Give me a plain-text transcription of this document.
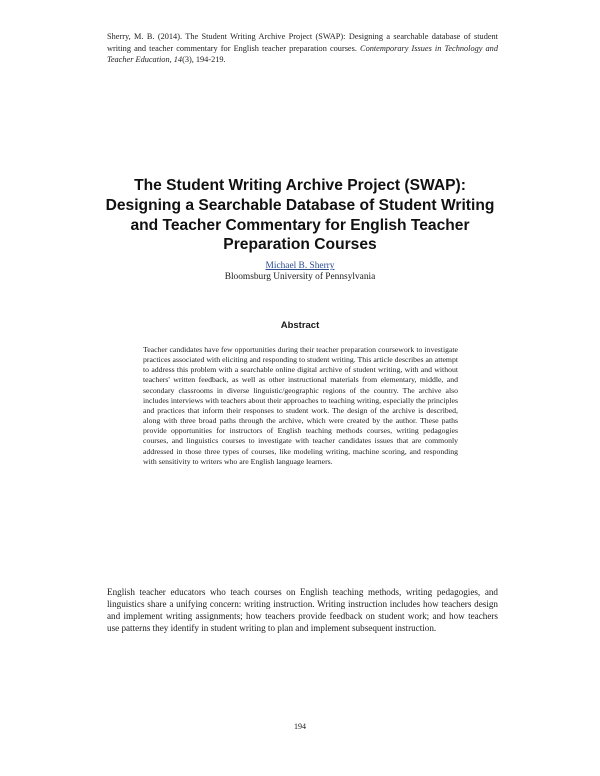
Sherry, M. B. (2014). The Student Writing Archive Project (SWAP): Designing a searchable database of student writing and teacher commentary for English teacher preparation courses. Contemporary Issues in Technology and Teacher Education, 14(3), 194-219.
The Student Writing Archive Project (SWAP): Designing a Searchable Database of Student Writing and Teacher Commentary for English Teacher Preparation Courses
Michael B. Sherry
Bloomsburg University of Pennsylvania
Abstract
Teacher candidates have few opportunities during their teacher preparation coursework to investigate practices associated with eliciting and responding to student writing. This article describes an attempt to address this problem with a searchable online digital archive of student writing, with and without teachers' written feedback, as well as other instructional materials from elementary, middle, and secondary classrooms in diverse linguistic/geographic regions of the country. The archive also includes interviews with teachers about their approaches to teaching writing, especially the principles and practices that inform their responses to student work. The design of the archive is described, along with three broad paths through the archive, which were created by the author. These paths provide opportunities for instructors of English teaching methods courses, writing pedagogies courses, and linguistics courses to investigate with teacher candidates issues that are commonly addressed in those three types of courses, like modeling writing, machine scoring, and responding with sensitivity to writers who are English language learners.
English teacher educators who teach courses on English teaching methods, writing pedagogies, and linguistics share a unifying concern: writing instruction. Writing instruction includes how teachers design and implement writing assignments; how teachers provide feedback on student work; and how teachers use patterns they identify in student writing to plan and implement subsequent instruction.
194
